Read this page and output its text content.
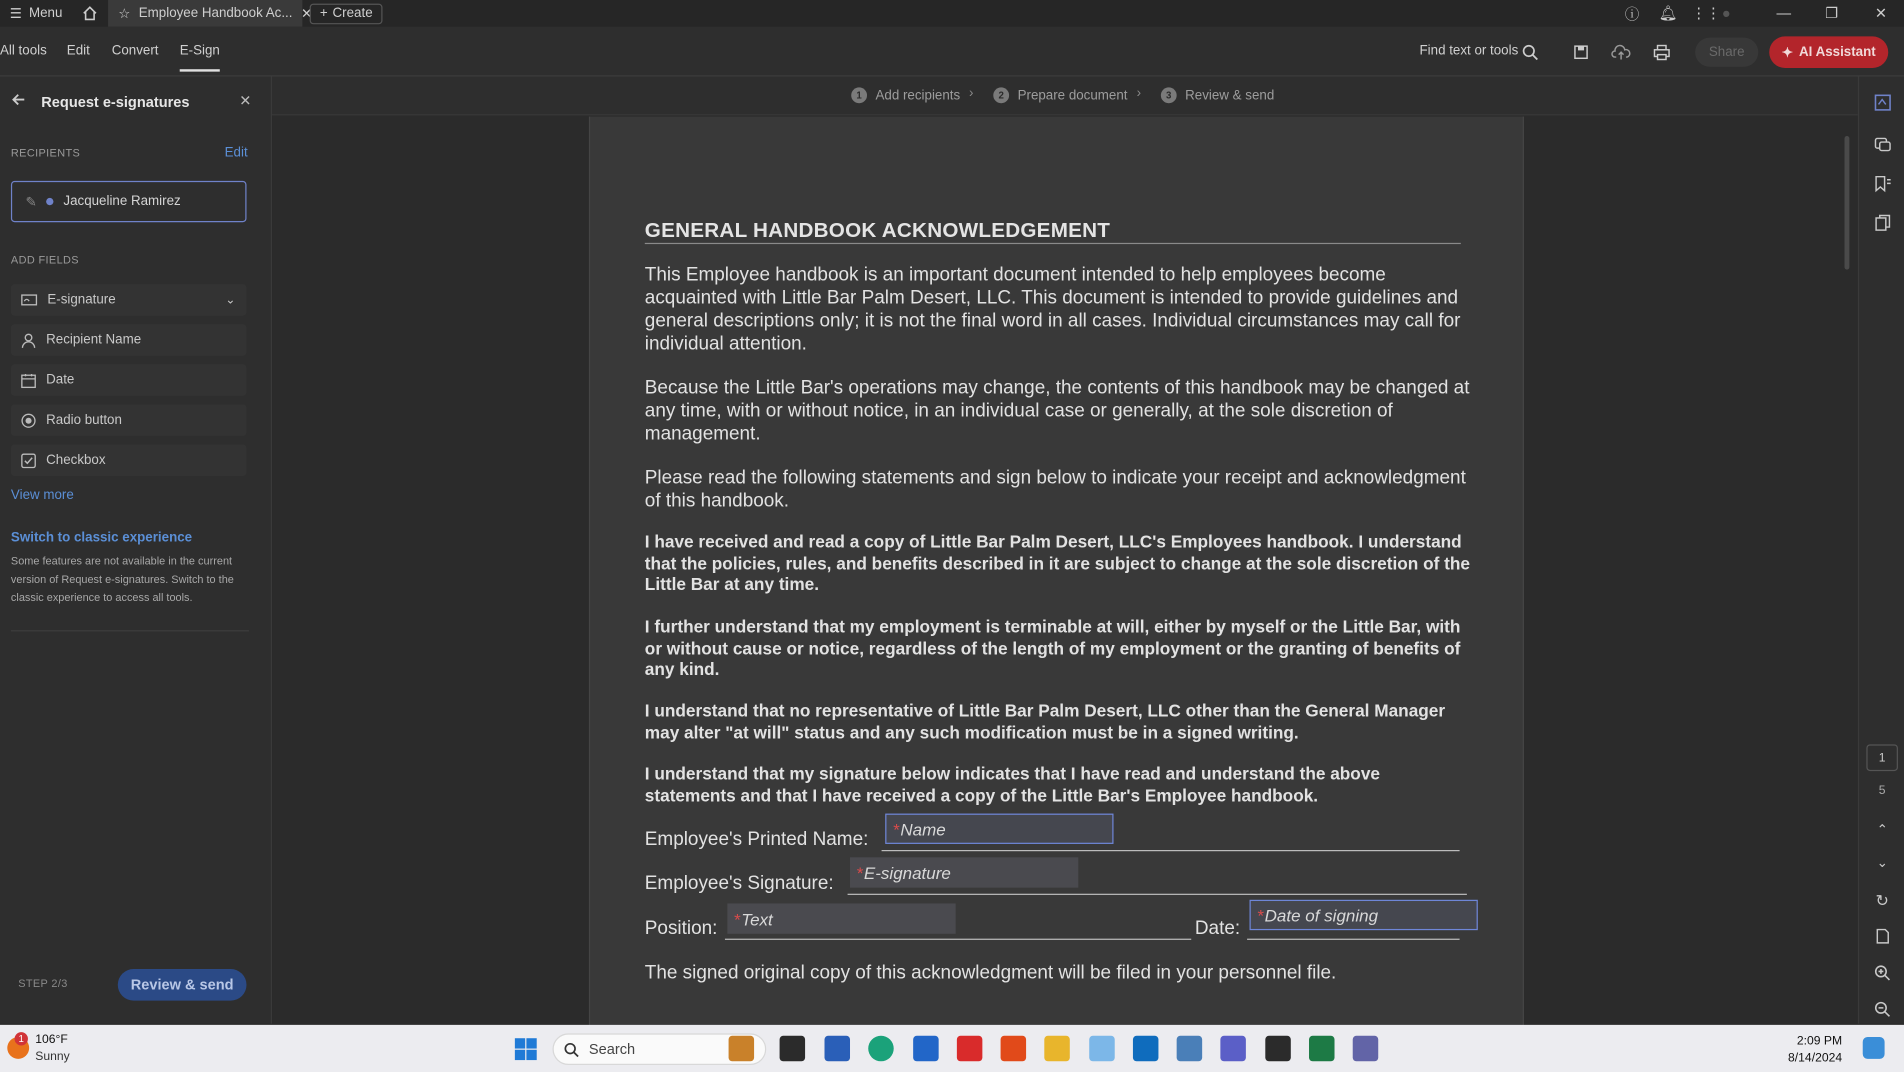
☰ Menu	☆ Employee Handbook Ac... ✕ + Create	ⓘ 🔔︎ ⋮⋮ ●	—	❐	✕
All tools Edit Convert E-Sign	Find text or tools	Share	✦ AI Assistant
Request e-signatures	✕
RECIPIENTS	Edit
✎ Jacqueline Ramirez
ADD FIELDS
E-signature	⌄
Recipient Name
Date
Radio button
Checkbox
View more
Switch to classic experience
Some features are not available in the current version of Request e-signatures. Switch to the classic experience to access all tools.
STEP 2/3	Review & send
1	Add recipients ›	2	Prepare document ›	3	Review & send
GENERAL HANDBOOK ACKNOWLEDGEMENT
This Employee handbook is an important document intended to help employees become acquainted with Little Bar Palm Desert, LLC. This document is intended to provide guidelines and general descriptions only; it is not the final word in all cases. Individual circumstances may call for individual attention.
Because the Little Bar's operations may change, the contents of this handbook may be changed at any time, with or without notice, in an individual case or generally, at the sole discretion of management.
Please read the following statements and sign below to indicate your receipt and acknowledgment of this handbook.
I have received and read a copy of Little Bar Palm Desert, LLC's Employees handbook. I understand that the policies, rules, and benefits described in it are subject to change at the sole discretion of the Little Bar at any time.
I further understand that my employment is terminable at will, either by myself or the Little Bar, with or without cause or notice, regardless of the length of my employment or the granting of benefits of any kind.
I understand that no representative of Little Bar Palm Desert, LLC other than the General Manager may alter "at will" status and any such modification must be in a signed writing.
I understand that my signature below indicates that I have read and understand the above statements and that I have received a copy of the Little Bar's Employee handbook.
Employee's Printed Name:
* Name
Employee's Signature:
* E-signature
Position: * Text	Date:
* Date of signing
The signed original copy of this acknowledgment will be filed in your personnel file.
1
5
⌃
⌄
↻
1	106°F
Sunny	Search	2:09 PM
8/14/2024
